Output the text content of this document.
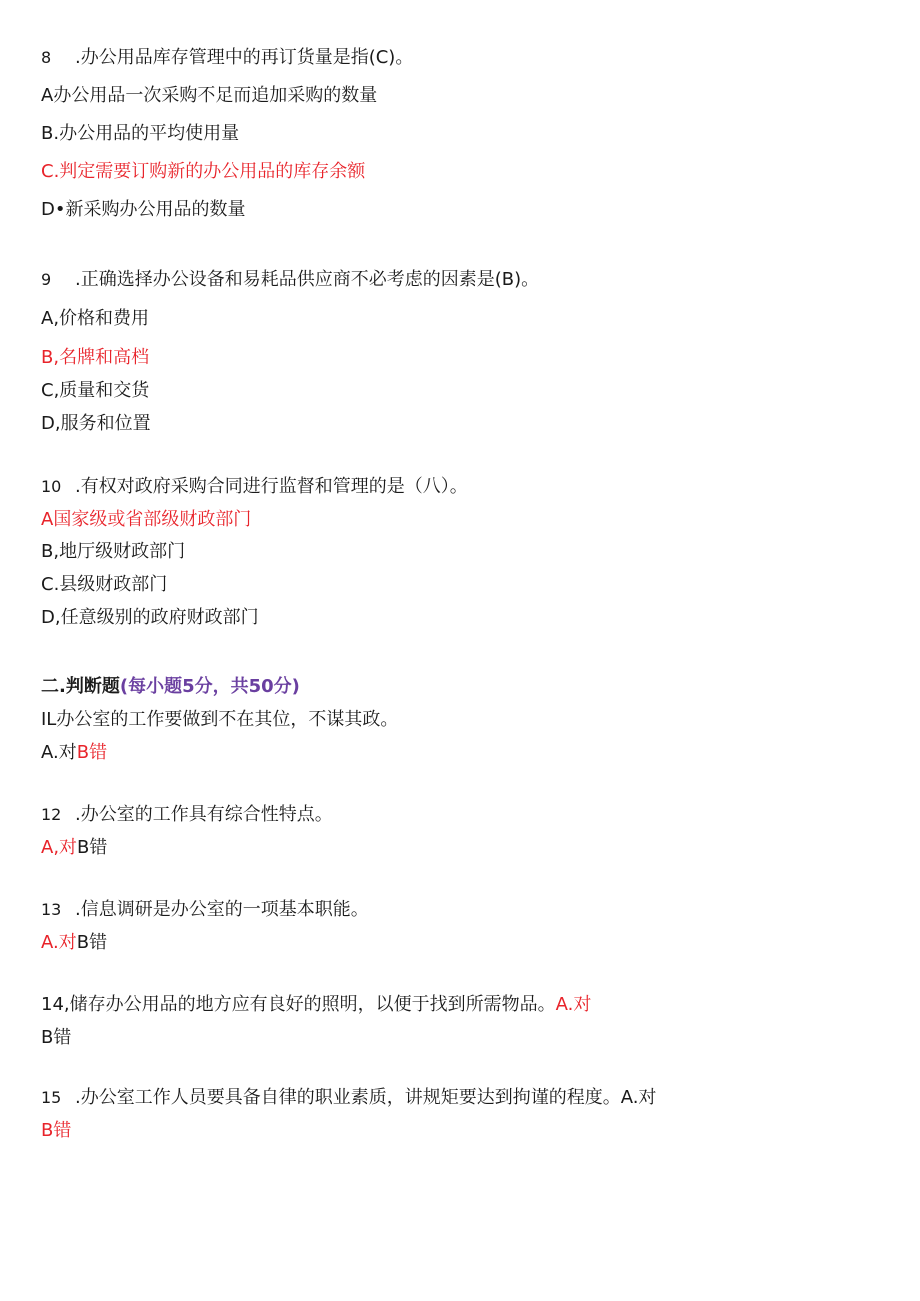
8 .办公用品库存管理中的再订货量是指(C)。
A办公用品一次采购不足而追加采购的数量
B.办公用品的平均使用量
C.判定需要订购新的办公用品的库存余额
D•新采购办公用品的数量
9 .正确选择办公设备和易耗品供应商不必考虑的因素是(B)。
A,价格和费用
B,名牌和高档
C,质量和交货
D,服务和位置
10 .有权对政府采购合同进行监督和管理的是（八）。
A国家级或省部级财政部门
B,地厅级财政部门
C.县级财政部门
D,任意级别的政府财政部门
二.判断题(每小题5分，共50分)
IL办公室的工作要做到不在其位，不谋其政。
A.对B错
12 .办公室的工作具有综合性特点。
A,对B错
13 .信息调研是办公室的一项基本职能。
A.对B错
14,储存办公用品的地方应有良好的照明，以便于找到所需物品。A.对
B错
15 .办公室工作人员要具备自律的职业素质，讲规矩要达到拘谨的程度。A.对
B错
